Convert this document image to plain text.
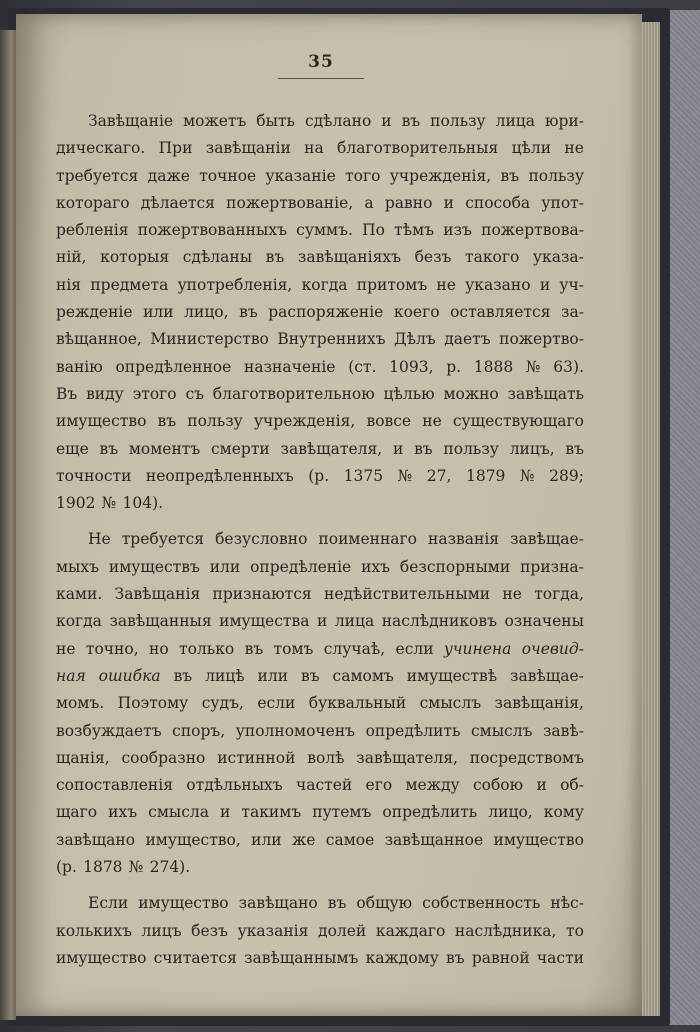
35
Завѣщаніе можетъ быть сдѣлано и въ пользу лица юри-
дическаго. При завѣщаніи на благотворительныя цѣли не
требуется даже точное указаніе того учрежденія, въ пользу
котораго дѣлается пожертвованіе, а равно и способа упот-
ребленія пожертвованныхъ суммъ. По тѣмъ изъ пожертвова-
ній, которыя сдѣланы въ завѣщаніяхъ безъ такого указа-
нія предмета употребленія, когда притомъ не указано и уч-
режденіе или лицо, въ распоряженіе коего оставляется за-
вѣщанное, Министерство Внутреннихъ Дѣлъ даетъ пожертво-
ванію опредѣленное назначеніе (ст. 1093, р. 1888 № 63).
Въ виду этого съ благотворительною цѣлью можно завѣщать
имущество въ пользу учрежденія, вовсе не существующаго
еще въ моментъ смерти завѣщателя, и въ пользу лицъ, въ
точности неопредѣленныхъ (р. 1375 № 27, 1879 № 289;
1902 № 104).
Не требуется безусловно поименнаго названія завѣщае-
мыхъ имуществъ или опредѣленіе ихъ безспорными призна-
ками. Завѣщанія признаются недѣйствительными не тогда,
когда завѣщанныя имущества и лица наслѣдниковъ означены
не точно, но только въ томъ случаѣ, если учинена очевид-
ная ошибка въ лицѣ или въ самомъ имуществѣ завѣщае-
момъ. Поэтому судъ, если буквальный смыслъ завѣщанія,
возбуждаетъ споръ, уполномоченъ опредѣлить смыслъ завѣ-
щанія, сообразно истинной волѣ завѣщателя, посредствомъ
сопоставленія отдѣльныхъ частей его между собою и об-
щаго ихъ смысла и такимъ путемъ опредѣлить лицо, кому
завѣщано имущество, или же самое завѣщанное имущество
(р. 1878 № 274).
Если имущество завѣщано въ общую собственность нѣс-
колькихъ лицъ безъ указанія долей каждаго наслѣдника, то
имущество считается завѣщаннымъ каждому въ равной части
